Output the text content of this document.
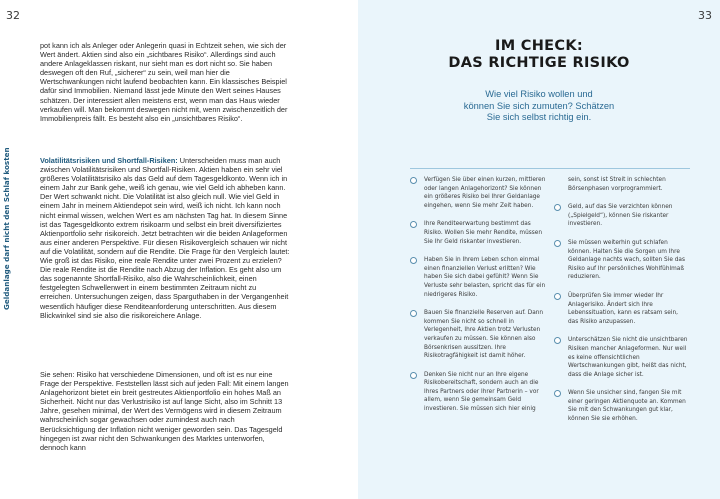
32
Geldanlage darf nicht den Schlaf kosten

pot kann ich als Anleger oder Anlegerin quasi in Echtzeit sehen, wie sich der Wert ändert. Aktien sind also ein „sichtbares Risiko“. Allerdings sind auch andere Anlageklassen riskant, nur sieht man es dort nicht so. Sie haben deswegen oft den Ruf, „sicherer“ zu sein, weil man hier die Wertschwankungen nicht laufend beobachten kann. Ein klassisches Beispiel dafür sind Immobilien. Niemand lässt jede Minute den Wert seines Hauses schätzen. Der interessiert allen meistens erst, wenn man das Haus wieder verkaufen will. Man bekommt deswegen nicht mit, wenn zwischenzeitlich der Immobilienpreis fällt. Es besteht also ein „unsichtbares Risiko“.

Volatilitätsrisiken und Shortfall-Risiken: Unterscheiden muss man auch zwischen Volatilitätsrisiken und Shortfall-Risiken. Aktien haben ein sehr viel größeres Volatilitätsrisiko als das Geld auf dem Tagesgeldkonto. Wenn ich in einem Jahr zur Bank gehe, weiß ich genau, wie viel Geld ich abheben kann. Der Wert schwankt nicht. Die Volatilität ist also gleich null. Wie viel Geld in einem Jahr in meinem Aktiendepot sein wird, weiß ich nicht. Ich kann noch nicht einmal wissen, welchen Wert es am nächsten Tag hat. In diesem Sinne ist das Tagesgeldkonto extrem risikoarm und selbst ein breit diversifiziertes Aktienportfolio sehr risikoreich. Jetzt betrachten wir die beiden Anlageformen aus einer anderen Perspektive. Für diesen Risikovergleich schauen wir nicht auf die Volatilität, sondern auf die Rendite. Die Frage für den Vergleich lautet: Wie groß ist das Risiko, eine reale Rendite unter zwei Prozent zu erzielen? Die reale Rendite ist die Rendite nach Abzug der Inflation. Es geht also um das sogenannte Shortfall-Risiko, also die Wahrscheinlichkeit, einen festgelegten Schwellenwert in einem bestimmten Zeitraum nicht zu erreichen. Untersuchungen zeigen, dass Sparguthaben in der Vergangenheit wesentlich häufiger diese Renditeanforderung unterschritten. Aus diesem Blickwinkel sind sie also die risikoreichere Anlage.

Sie sehen: Risiko hat verschiedene Dimensionen, und oft ist es nur eine Frage der Perspektive. Feststellen lässt sich auf jeden Fall: Mit einem langen Anlagehorizont bietet ein breit gestreutes Aktienportfolio ein hohes Maß an Sicherheit. Nicht nur das Verlustrisiko ist auf lange Sicht, also im Schnitt 13 Jahre, gesehen minimal, der Wert des Vermögens wird in diesem Zeitraum wahrscheinlich sogar gewachsen oder zumindest auch nach Berücksichtigung der Inflation nicht weniger geworden sein. Das Tagesgeld hingegen ist zwar nicht den Schwankungen des Marktes unterworfen, dennoch kann

33
IM CHECK:
DAS RICHTIGE RISIKO
Wie viel Risiko wollen und
können Sie sich zumuten? Schätzen
Sie sich selbst richtig ein.
Verfügen Sie über einen kurzen, mittleren oder langen Anlagehorizont? Sie können ein größeres Risiko bei Ihrer Geldanlage eingehen, wenn Sie mehr Zeit haben.
Ihre Renditeerwartung bestimmt das Risiko. Wollen Sie mehr Rendite, müssen Sie Ihr Geld riskanter investieren.
Haben Sie in Ihrem Leben schon einmal einen finanziellen Verlust erlitten? Wie haben Sie sich dabei gefühlt? Wenn Sie Verluste sehr belasten, spricht das für ein niedrigeres Risiko.
Bauen Sie finanzielle Reserven auf. Dann kommen Sie nicht so schnell in Verlegenheit, Ihre Aktien trotz Verlusten verkaufen zu müssen. Sie können also Börsenkrisen aussitzen. Ihre Risikotragfähigkeit ist damit höher.
Denken Sie nicht nur an Ihre eigene Risikobereitschaft, sondern auch an die Ihres Partners oder Ihrer Partnerin – vor allem, wenn Sie gemeinsam Geld investieren. Sie müssen sich hier einig
sein, sonst ist Streit in schlechten Börsenphasen vorprogrammiert.
Geld, auf das Sie verzichten können („Spielgeld“), können Sie riskanter investieren.
Sie müssen weiterhin gut schlafen können. Halten Sie die Sorgen um Ihre Geldanlage nachts wach, sollten Sie das Risiko auf Ihr persönliches Wohlfühlmaß reduzieren.
Überprüfen Sie immer wieder Ihr Anlagerisiko. Ändert sich Ihre Lebenssituation, kann es ratsam sein, das Risiko anzupassen.
Unterschätzen Sie nicht die unsichtbaren Risiken mancher Anlageformen. Nur weil es keine offensichtlichen Wertschwankungen gibt, heißt das nicht, dass die Anlage sicher ist.
Wenn Sie unsicher sind, fangen Sie mit einer geringen Aktienquote an. Kommen Sie mit den Schwankungen gut klar, können Sie sie erhöhen.
